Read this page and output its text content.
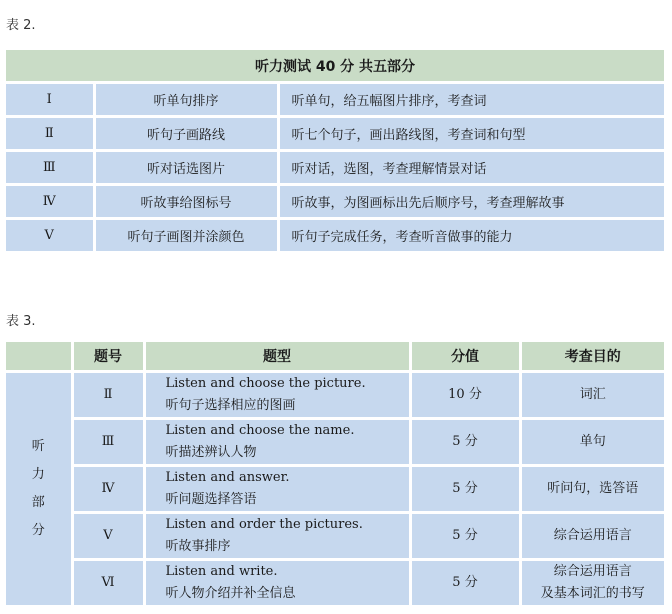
表 2.
听力测试 40 分 共五部分		
Ⅰ	听单句排序	听单句，给五幅图片排序，考查词
Ⅱ	听句子画路线	听七个句子，画出路线图，考查词和句型
Ⅲ	听对话选图片	听对话，选图，考查理解情景对话
Ⅳ	听故事给图标号	听故事，为图画标出先后顺序号，考查理解故事
Ⅴ	听句子画图并涂颜色	听句子完成任务，考查听音做事的能力
表 3.
	题号	题型	分值	考查目的

听
力
部
分	Ⅱ	Listen and choose the picture.
听句子选择相应的图画	10 分	词汇

	Ⅲ	Listen and choose the name.
听描述辨认人物	5 分	单句

	Ⅳ	Listen and answer.
听问题选择答语	5 分	听问句，选答语

	Ⅴ	Listen and order the pictures.
听故事排序	5 分	综合运用语言

	Ⅵ	Listen and write.
听人物介绍并补全信息	5 分	综合运用语言
及基本词汇的书写
